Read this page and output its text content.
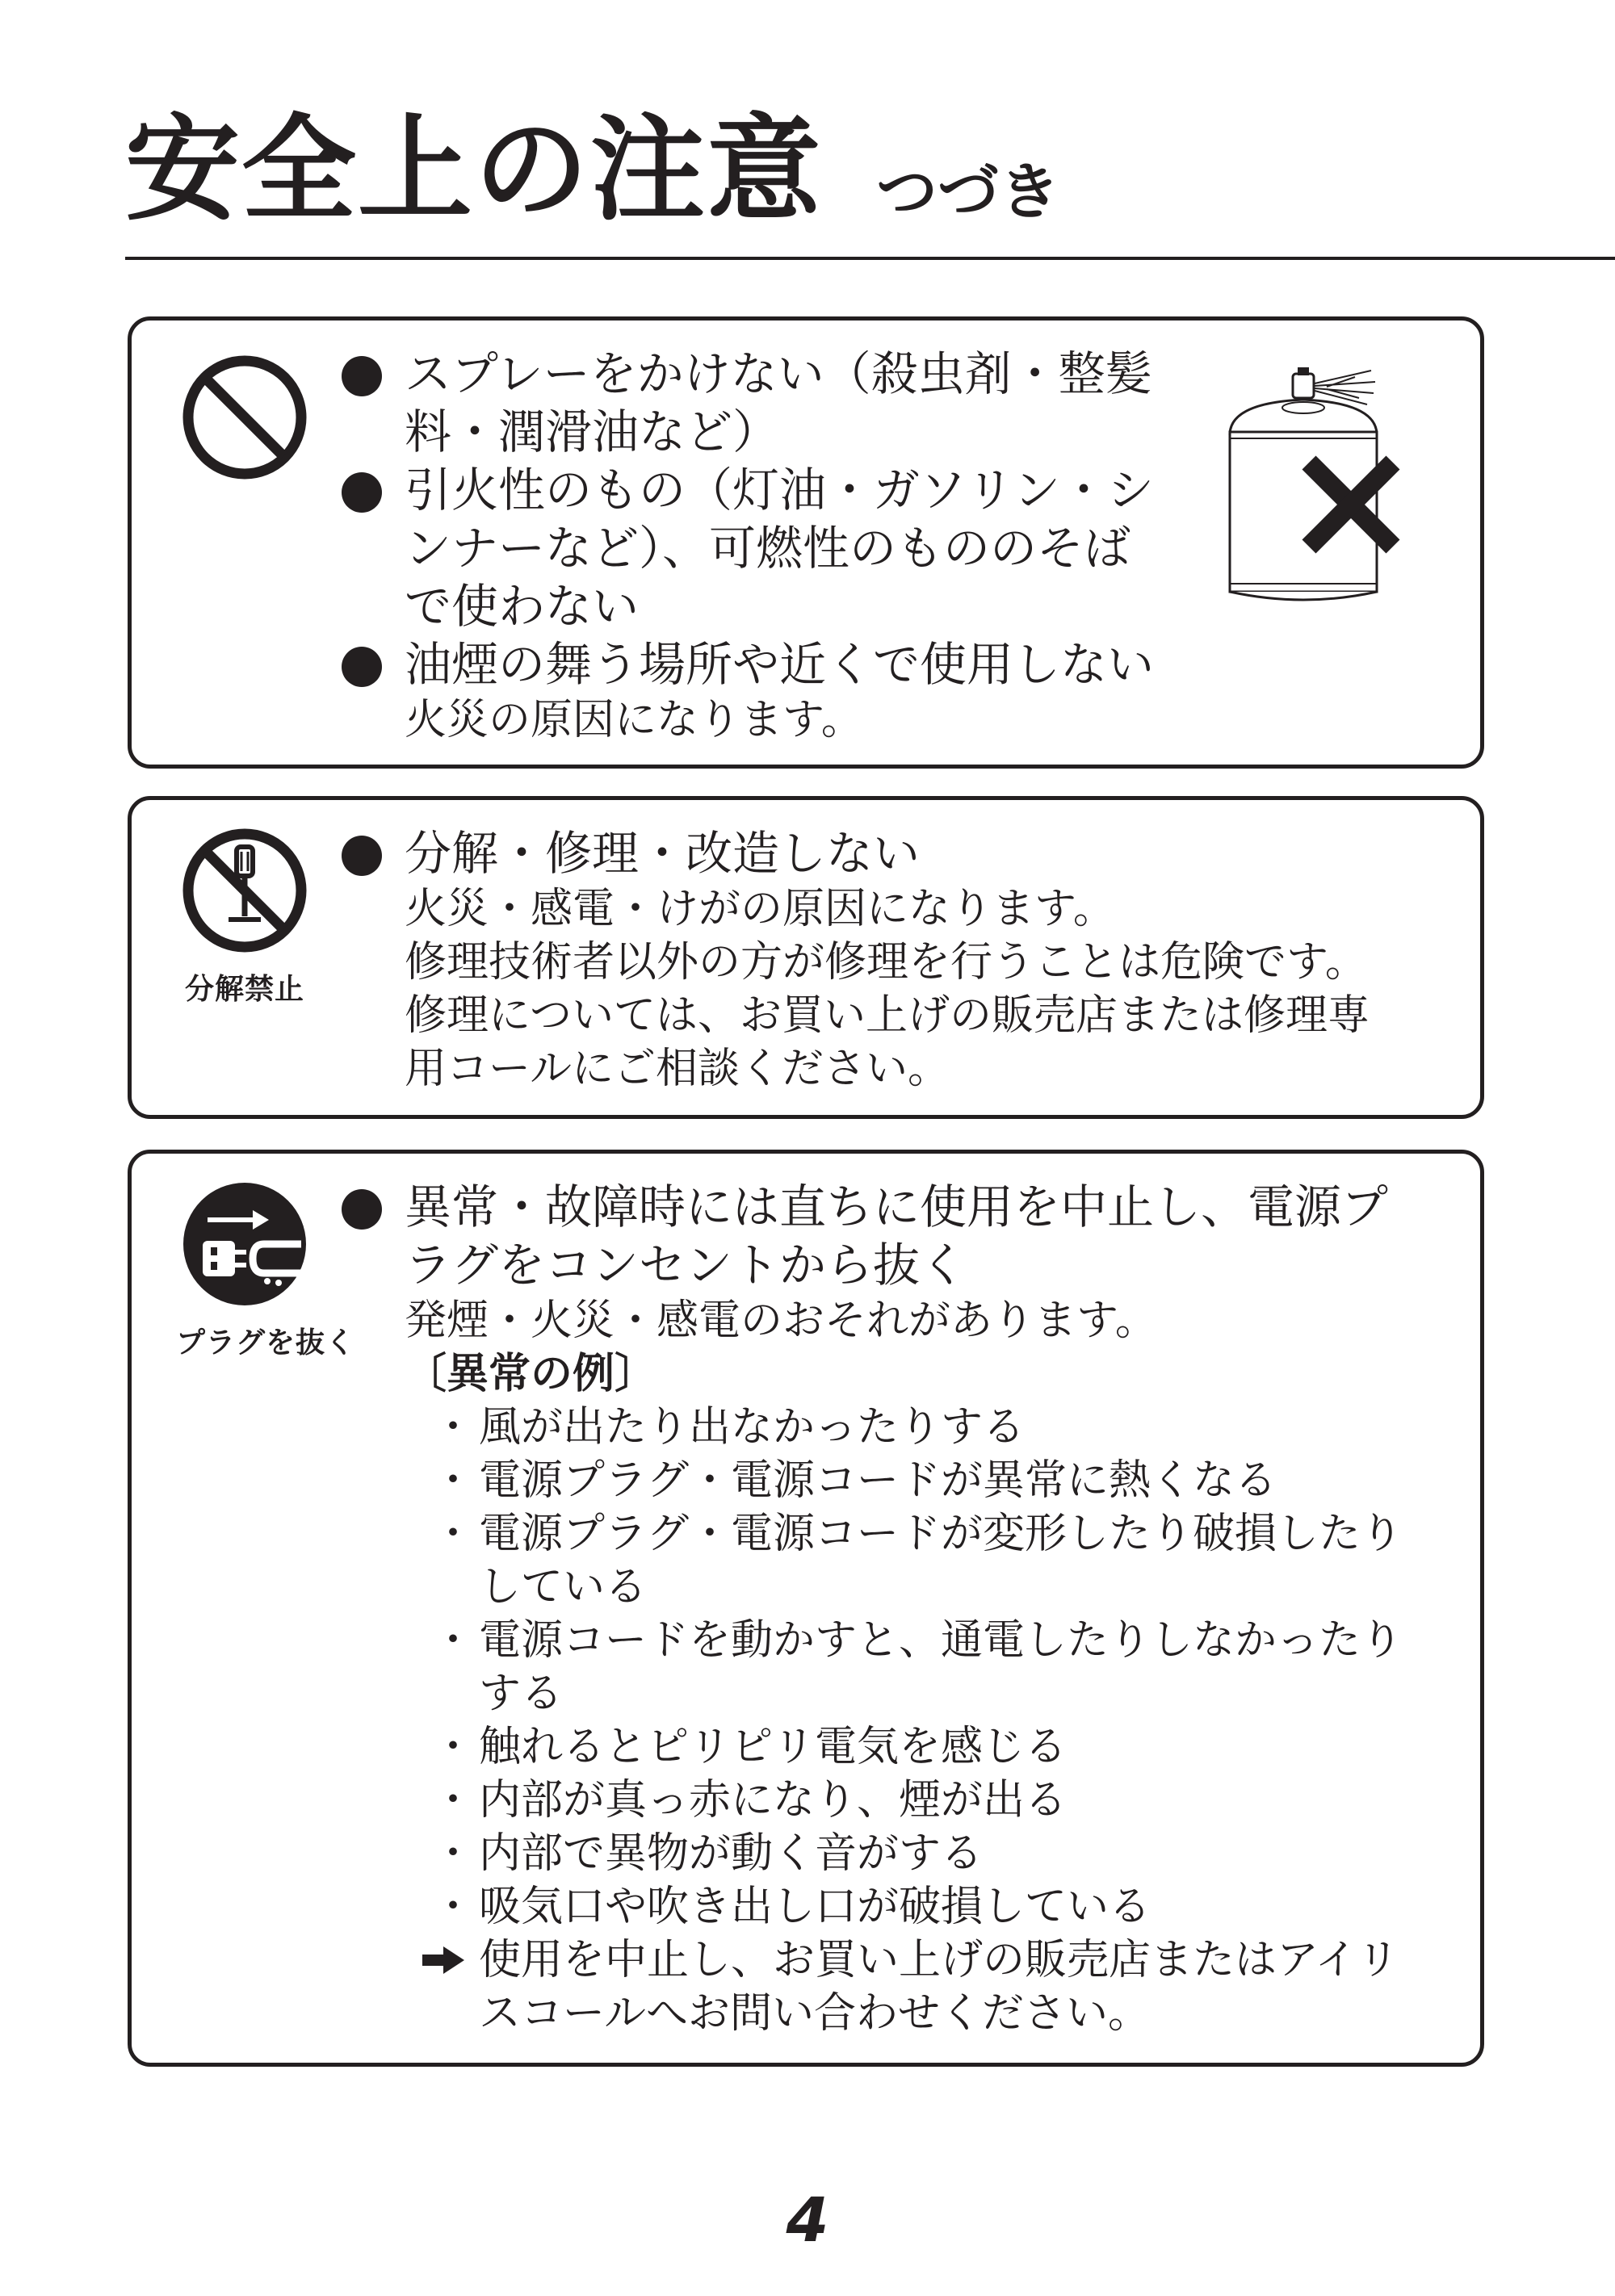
安全上の注意 つづき
スプレーをかけない（殺虫剤・整髪
料・潤滑油など）
引火性のもの（灯油・ガソリン・シ
ンナーなど）、可燃性のもののそば
で使わない
油煙の舞う場所や近くで使用しない
火災の原因になります。
分解禁止
分解・修理・改造しない
火災・感電・けがの原因になります。
修理技術者以外の方が修理を行うことは危険です。
修理については、お買い上げの販売店または修理専
用コールにご相談ください。
プラグを抜く
異常・故障時には直ちに使用を中止し、電源プ
ラグをコンセントから抜く
発煙・火災・感電のおそれがあります。
〔異常の例〕
・ 風が出たり出なかったりする
・ 電源プラグ・電源コードが異常に熱くなる
・ 電源プラグ・電源コードが変形したり破損したり
している
・ 電源コードを動かすと、通電したりしなかったり
する
・ 触れるとピリピリ電気を感じる
・ 内部が真っ赤になり、煙が出る
・ 内部で異物が動く音がする
・ 吸気口や吹き出し口が破損している
使用を中止し、お買い上げの販売店またはアイリ
スコールへお問い合わせください。
4
